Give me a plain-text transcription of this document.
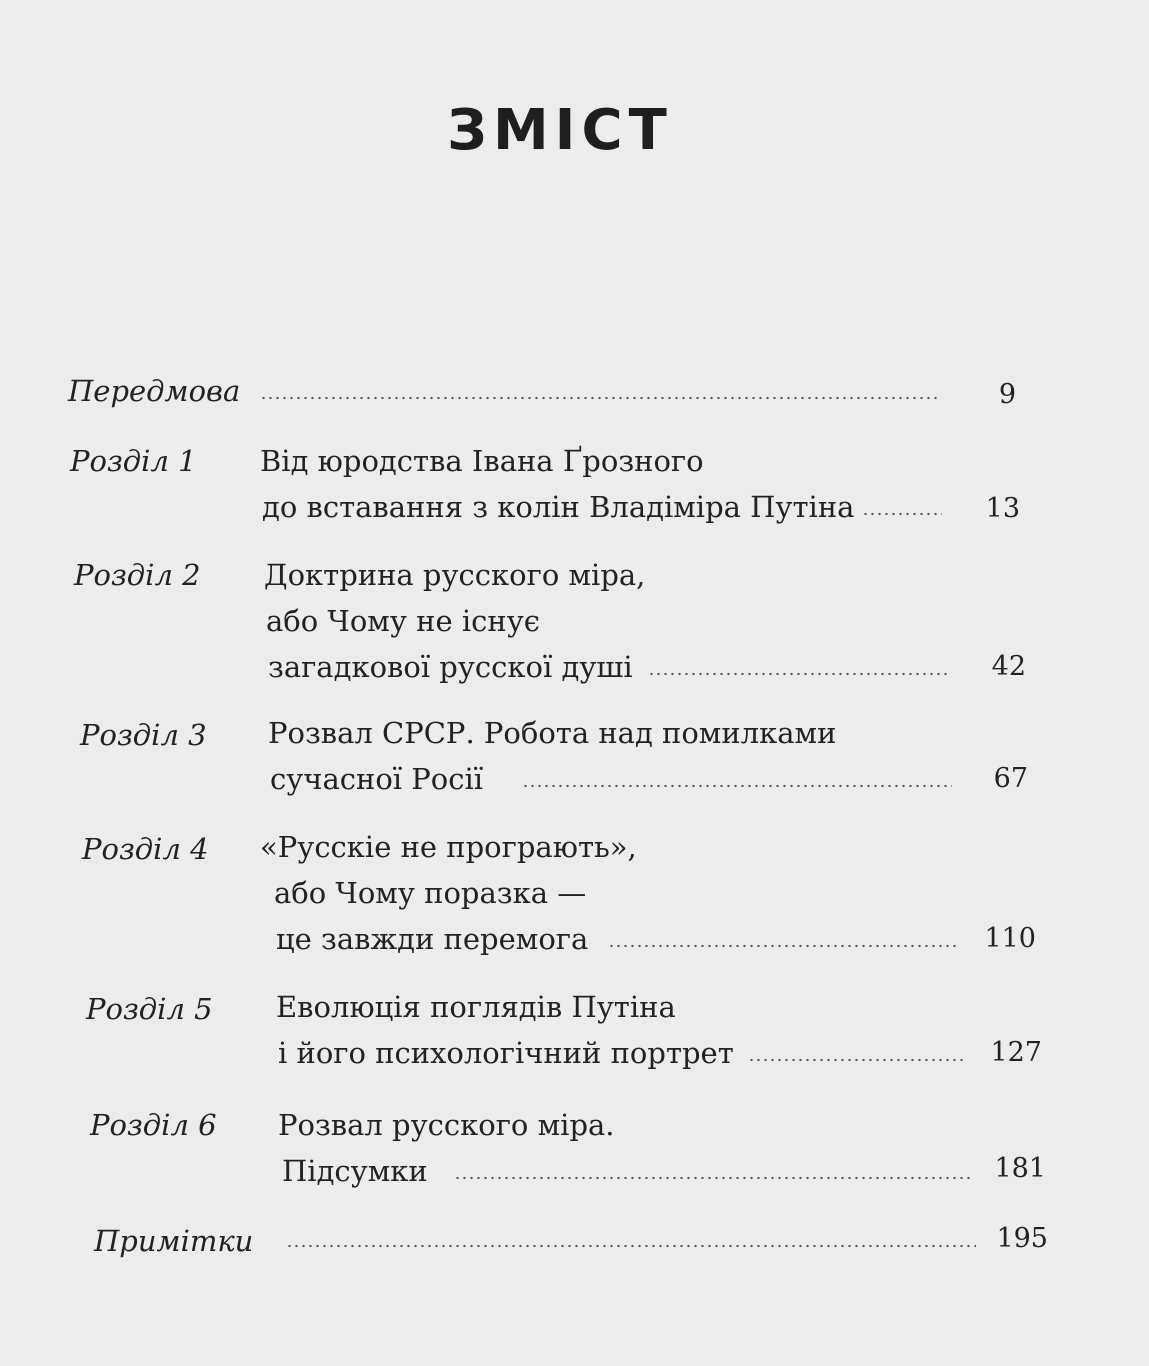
ЗМІСТ
Передмова	9
Розділ 1 Від юродства Івана Ґрозного
до вставання з колін Владіміра Путіна	13
Розділ 2 Доктрина русского міра,
або Чому не існує
загадкової русскої душі	42
Розділ 3 Розвал СРСР. Робота над помилками
сучасної Росії	67
Розділ 4 «Русскіе не програють»,
або Чому поразка —
це завжди перемога	110
Розділ 5 Еволюція поглядів Путіна
і його психологічний портрет	127
Розділ 6 Розвал русского міра.
Підсумки	181
Примітки	195
